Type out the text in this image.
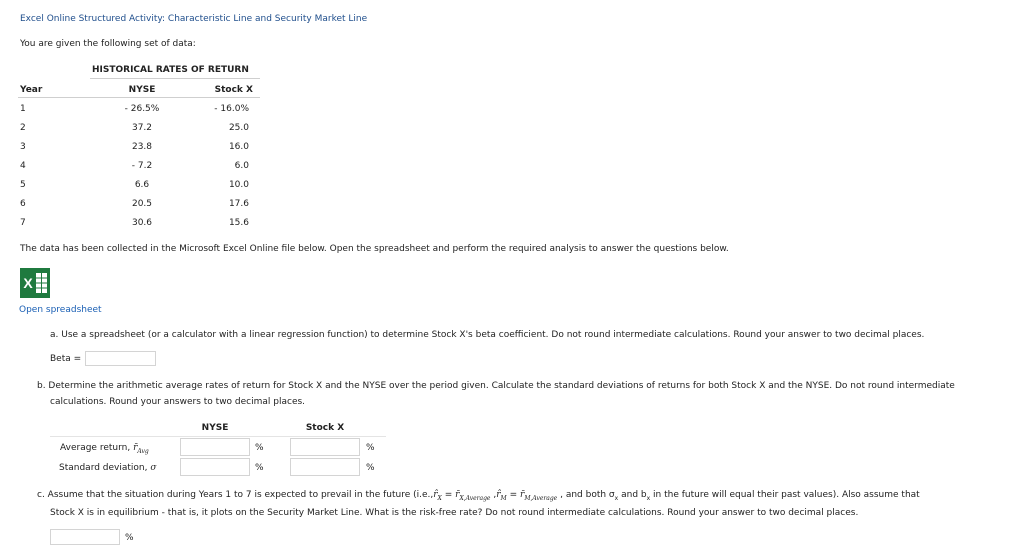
Excel Online Structured Activity: Characteristic Line and Security Market Line
You are given the following set of data:
HISTORICAL RATES OF RETURN
Year	NYSE	Stock X
1	- 26.5%	- 16.0%
2	37.2	25.0
3	23.8	16.0
4	- 7.2	6.0
5	6.6	10.0
6	20.5	17.6
7	30.6	15.6
The data has been collected in the Microsoft Excel Online file below. Open the spreadsheet and perform the required analysis to answer the questions below.
X
Open spreadsheet
a. Use a spreadsheet (or a calculator with a linear regression function) to determine Stock X's beta coefficient. Do not round intermediate calculations. Round your answer to two decimal places.
Beta =
b. Determine the arithmetic average rates of return for Stock X and the NYSE over the period given. Calculate the standard deviations of returns for both Stock X and the NYSE. Do not round intermediate
calculations. Round your answers to two decimal places.
NYSE	Stock X
Average return, $r̄_{Avg}$	%	%
Standard deviation, σ	%	%
c. Assume that the situation during Years 1 to 7 is expected to prevail in the future ($i.e.,r̂_X$ = $r̄_{X,Average}$ $,r̂_M$ = $r̄_{M,Average}$ , and both $\sigma_x$ and $b_x$ in the future will equal their past values). Also assume that
Stock X is in equilibrium - that is, it plots on the Security Market Line. What is the risk-free rate? Do not round intermediate calculations. Round your answer to two decimal places.
%
